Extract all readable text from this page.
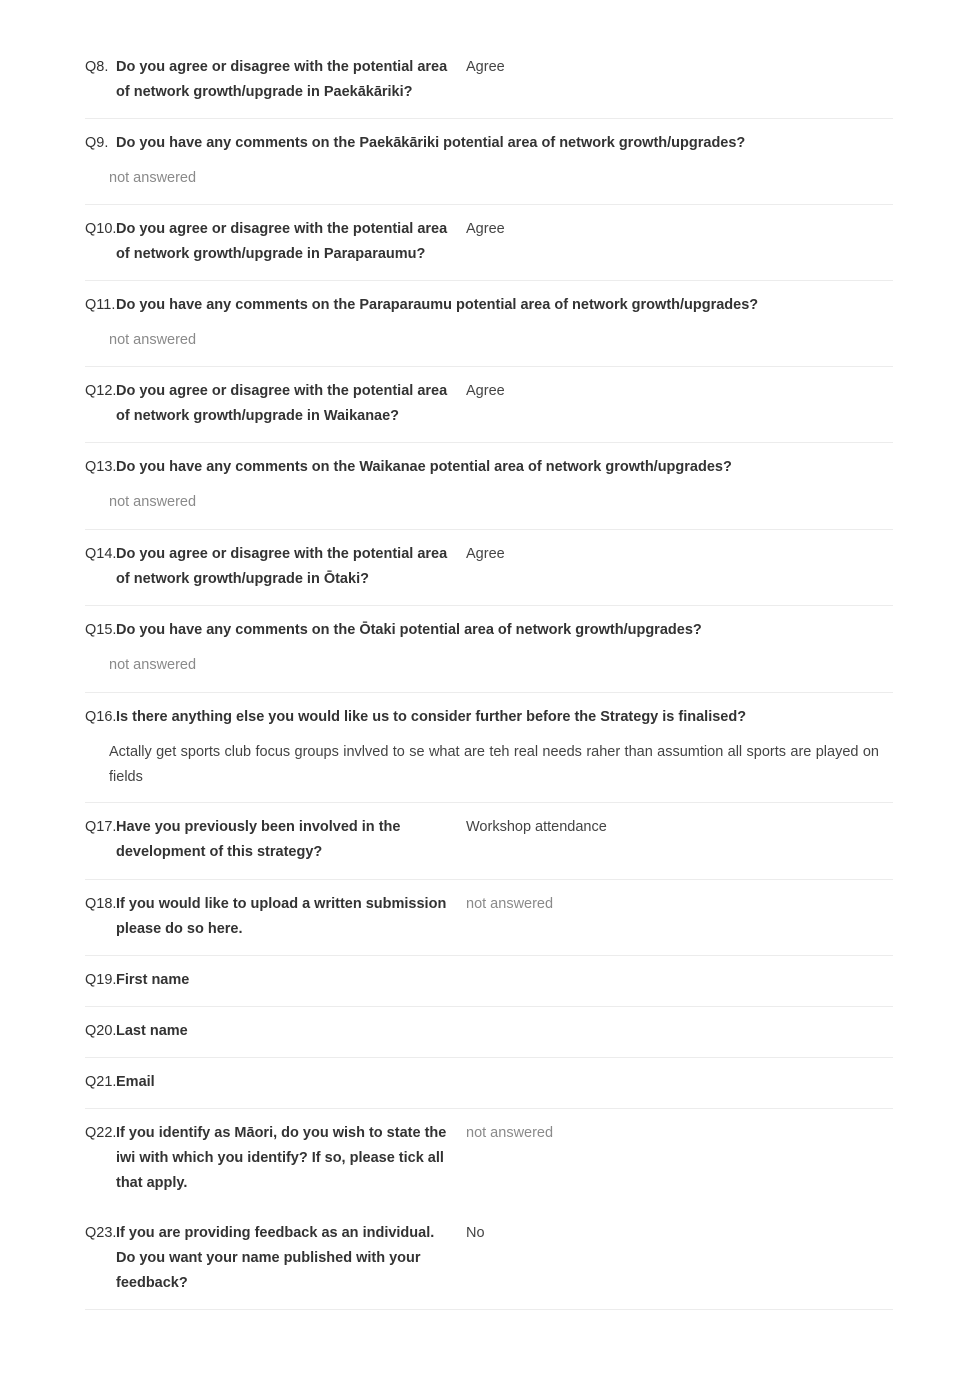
Q8. Do you agree or disagree with the potential area of network growth/upgrade in Paekākāriki?
Agree
Q9. Do you have any comments on the Paekākāriki potential area of network growth/upgrades?
not answered
Q10. Do you agree or disagree with the potential area of network growth/upgrade in Paraparaumu?
Agree
Q11. Do you have any comments on the Paraparaumu potential area of network growth/upgrades?
not answered
Q12. Do you agree or disagree with the potential area of network growth/upgrade in Waikanae?
Agree
Q13. Do you have any comments on the Waikanae potential area of network growth/upgrades?
not answered
Q14. Do you agree or disagree with the potential area of network growth/upgrade in Ōtaki?
Agree
Q15. Do you have any comments on the Ōtaki potential area of network growth/upgrades?
not answered
Q16. Is there anything else you would like us to consider further before the Strategy is finalised?
Actally get sports club focus groups invlved to se what are teh real needs raher than assumtion all sports are played on fields
Q17. Have you previously been involved in the development of this strategy?
Workshop attendance
Q18. If you would like to upload a written submission please do so here.
not answered
Q19. First name
Q20. Last name
Q21. Email
Q22. If you identify as Māori, do you wish to state the iwi with which you identify? If so, please tick all that apply.
not answered
Q23. If you are providing feedback as an individual. Do you want your name published with your feedback?
No
